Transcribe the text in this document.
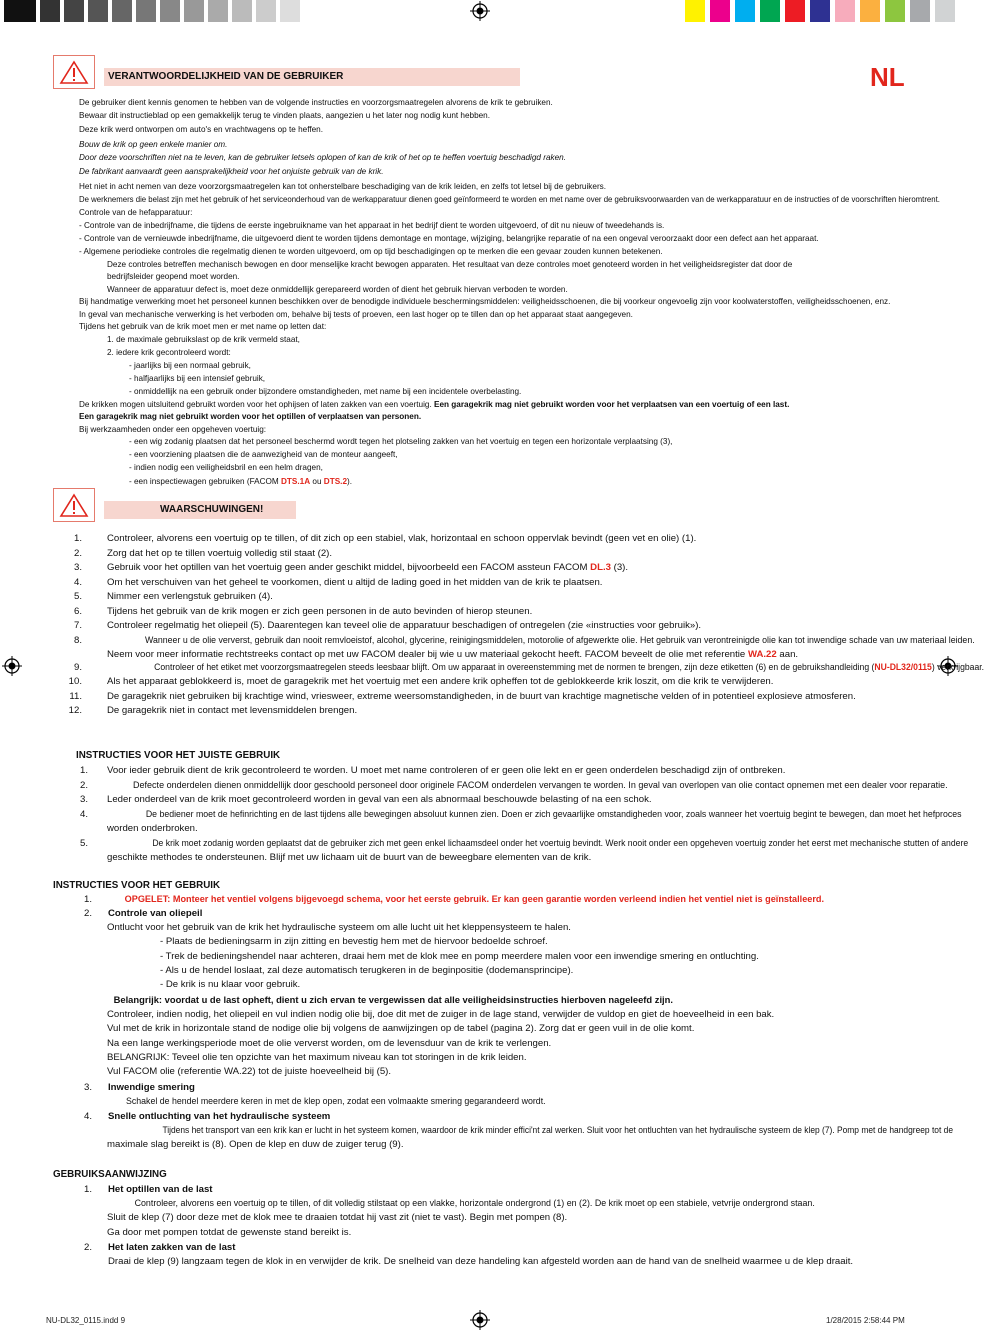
VERANTWOORDELIJKHEID VAN DE GEBRUIKER	NL
De gebruiker dient kennis genomen te hebben van de volgende instructies en voorzorgsmaatregelen alvorens de krik te gebruiken.
Bewaar dit instructieblad op een gemakkelijk terug te vinden plaats, aangezien u het later nog nodig kunt hebben.
Deze krik werd ontworpen om auto's en vrachtwagens op te heffen.
Bouw de krik op geen enkele manier om.
Door deze voorschriften niet na te leven, kan de gebruiker letsels oplopen of kan de krik of het op te heffen voertuig beschadigd raken.
De fabrikant aanvaardt geen aansprakelijkheid voor het onjuiste gebruik van de krik.
Het niet in acht nemen van deze voorzorgsmaatregelen kan tot onherstelbare beschadiging van de krik leiden, en zelfs tot letsel bij de gebruikers.
De werknemers die belast zijn met het gebruik of het serviceonderhoud van de werkapparatuur dienen goed geïnformeerd te worden en met name over de gebruiksvoorwaarden van de werkapparatuur en de instructies of de voorschriften hieromtrent.
Controle van de hefapparatuur:
- Controle van de inbedrijfname, die tijdens de eerste ingebruikname van het apparaat in het bedrijf dient te worden uitgevoerd, of dit nu nieuw of tweedehands is.
- Controle van de vernieuwde inbedrijfname, die uitgevoerd dient te worden tijdens demontage en montage, wijziging, belangrijke reparatie of na een ongeval veroorzaakt door een defect aan het apparaat.
- Algemene periodieke controles die regelmatig dienen te worden uitgevoerd, om op tijd beschadigingen op te merken die een gevaar zouden kunnen betekenen.
Deze controles betreffen mechanisch bewogen en door menselijke kracht bewogen apparaten. Het resultaat van deze controles moet genoteerd worden in het veiligheidsregister dat door de
bedrijfsleider geopend moet worden.
Wanneer de apparatuur defect is, moet deze onmiddellijk gerepareerd worden of dient het gebruik hiervan verboden te worden.
Bij handmatige verwerking moet het personeel kunnen beschikken over de benodigde individuele beschermingsmiddelen: veiligheidsschoenen, die bij voorkeur ongevoelig zijn voor koolwaterstoffen, veiligheidsschoenen, enz.
In geval van mechanische verwerking is het verboden om, behalve bij tests of proeven, een last hoger op te tillen dan op het apparaat staat aangegeven.
Tijdens het gebruik van de krik moet men er met name op letten dat:
1. de maximale gebruikslast op de krik vermeld staat,
2. iedere krik gecontroleerd wordt:
- jaarlijks bij een normaal gebruik,
- halfjaarlijks bij een intensief gebruik,
- onmiddellijk na een gebruik onder bijzondere omstandigheden, met name bij een incidentele overbelasting.
De krikken mogen uitsluitend gebruikt worden voor het ophijsen of laten zakken van een voertuig. Een garagekrik mag niet gebruikt worden voor het verplaatsen van een voertuig of een last.
Een garagekrik mag niet gebruikt worden voor het optillen of verplaatsen van personen.
Bij werkzaamheden onder een opgeheven voertuig:
- een wig zodanig plaatsen dat het personeel beschermd wordt tegen het plotseling zakken van het voertuig en tegen een horizontale verplaatsing (3),
- een voorziening plaatsen die de aanwezigheid van de monteur aangeeft,
- indien nodig een veiligheidsbril en een helm dragen,
- een inspectiewagen gebruiken (FACOM DTS.1A ou DTS.2).
WAARSCHUWINGEN!
1.	Controleer, alvorens een voertuig op te tillen, of dit zich op een stabiel, vlak, horizontaal en schoon oppervlak bevindt (geen vet en olie) (1).
2.	Zorg dat het op te tillen voertuig volledig stil staat (2).
3.	Gebruik voor het optillen van het voertuig geen ander geschikt middel, bijvoorbeeld een FACOM assteun FACOM DL.3 (3).
4.	Om het verschuiven van het geheel te voorkomen, dient u altijd de lading goed in het midden van de krik te plaatsen.
5.	Nimmer een verlengstuk gebruiken (4).
6.	Tijdens het gebruik van de krik mogen er zich geen personen in de auto bevinden of hierop steunen.
7.	Controleer regelmatig het oliepeil (5). Daarentegen kan teveel olie de apparatuur beschadigen of ontregelen (zie «instructies voor gebruik»).
8.	Wanneer u de olie ververst, gebruik dan nooit remvloeistof, alcohol, glycerine, reinigingsmiddelen, motorolie of afgewerkte olie. Het gebruik van verontreinigde olie kan tot inwendige schade van uw materiaal leiden.
Neem voor meer informatie rechtstreeks contact op met uw FACOM dealer bij wie u uw materiaal gekocht heeft. FACOM beveelt de olie met referentie WA.22 aan.
9.	Controleer of het etiket met voorzorgsmaatregelen steeds leesbaar blijft. Om uw apparaat in overeenstemming met de normen te brengen, zijn deze etiketten (6) en de gebruikshandleiding (NU-DL32/0115) verkrijgbaar.
10.	Als het apparaat geblokkeerd is, moet de garagekrik met het voertuig met een andere krik opheffen tot de geblokkeerde krik loszit, om die krik te verwijderen.
11.	De garagekrik niet gebruiken bij krachtige wind, vriesweer, extreme weersomstandigheden, in de buurt van krachtige magnetische velden of in potentieel explosieve atmosferen.
12.	De garagekrik niet in contact met levensmiddelen brengen.
INSTRUCTIES VOOR HET JUISTE GEBRUIK
1. Voor ieder gebruik dient de krik gecontroleerd te worden. U moet met name controleren of er geen olie lekt en er geen onderdelen beschadigd zijn of ontbreken.
2.	Defecte onderdelen dienen onmiddellijk door geschoold personeel door originele FACOM onderdelen vervangen te worden. In geval van overlopen van olie contact opnemen met een dealer voor reparatie.
3. Leder onderdeel van de krik moet gecontroleerd worden in geval van een als abnormaal beschouwde belasting of na een schok.
4.	De bediener moet de hefinrichting en de last tijdens alle bewegingen absoluut kunnen zien. Doen er zich gevaarlijke omstandigheden voor, zoals wanneer het voertuig begint te bewegen, dan moet het hefproces
worden onderbroken.
5.	De krik moet zodanig worden geplaatst dat de gebruiker zich met geen enkel lichaamsdeel onder het voertuig bevindt. Werk nooit onder een opgeheven voertuig zonder het eerst met mechanische stutten of andere
geschikte methodes te ondersteunen. Blijf met uw lichaam uit de buurt van de beweegbare elementen van de krik.
INSTRUCTIES VOOR HET GEBRUIK
1.	OPGELET: Monteer het ventiel volgens bijgevoegd schema, voor het eerste gebruik. Er kan geen garantie worden verleend indien het ventiel niet is geïnstalleerd.
2. Controle van oliepeil
Ontlucht voor het gebruik van de krik het hydraulische systeem om alle lucht uit het kleppensysteem te halen.
- Plaats de bedieningsarm in zijn zitting en bevestig hem met de hiervoor bedoelde schroef.
- Trek de bedieningshendel naar achteren, draai hem met de klok mee en pomp meerdere malen voor een inwendige smering en ontluchting.
- Als u de hendel loslaat, zal deze automatisch terugkeren in de beginpositie (dodemansprincipe).
- De krik is nu klaar voor gebruik.
Belangrijk: voordat u de last opheft, dient u zich ervan te vergewissen dat alle veiligheidsinstructies hierboven nageleefd zijn.
Controleer, indien nodig, het oliepeil en vul indien nodig olie bij, doe dit met de zuiger in de lage stand, verwijder de vuldop en giet de hoeveelheid in een bak.
Vul met de krik in horizontale stand de nodige olie bij volgens de aanwijzingen op de tabel (pagina 2). Zorg dat er geen vuil in de olie komt.
Na een lange werkingsperiode moet de olie ververst worden, om de levensduur van de krik te verlengen.
BELANGRIJK: Teveel olie ten opzichte van het maximum niveau kan tot storingen in de krik leiden.
Vul FACOM olie (referentie WA.22) tot de juiste hoeveelheid bij (5).
3. Inwendige smering
Schakel de hendel meerdere keren in met de klep open, zodat een volmaakte smering gegarandeerd wordt.
4. Snelle ontluchting van het hydraulische systeem
Tijdens het transport van een krik kan er lucht in het systeem komen, waardoor de krik minder effici'nt zal werken. Sluit voor het ontluchten van het hydraulische systeem de klep (7). Pomp met de handgreep tot de
maximale slag bereikt is (8). Open de klep en duw de zuiger terug (9).
GEBRUIKSAANWIJZING
1. Het optillen van de last
Controleer, alvorens een voertuig op te tillen, of dit volledig stilstaat op een vlakke, horizontale ondergrond (1) en (2). De krik moet op een stabiele, vetvrije ondergrond staan.
Sluit de klep (7) door deze met de klok mee te draaien totdat hij vast zit (niet te vast). Begin met pompen (8).
Ga door met pompen totdat de gewenste stand bereikt is.
2. Het laten zakken van de last
Draai de klep (9) langzaam tegen de klok in en verwijder de krik. De snelheid van deze handeling kan afgesteld worden aan de hand van de snelheid waarmee u de klep draait.
NU-DL32_0115.indd 9	1/28/2015 2:58:44 PM
